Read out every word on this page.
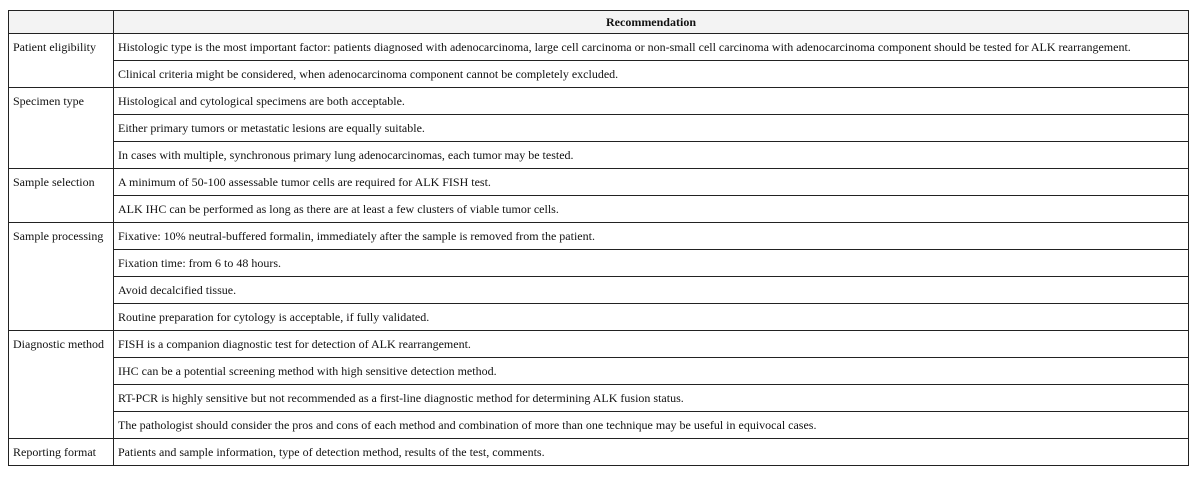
	Recommendation
Patient eligibility	Histologic type is the most important factor: patients diagnosed with adenocarcinoma, large cell carcinoma or non-small cell carcinoma with adenocarcinoma component should be tested for ALK rearrangement.
	Clinical criteria might be considered, when adenocarcinoma component cannot be completely excluded.
Specimen type	Histological and cytological specimens are both acceptable.
	Either primary tumors or metastatic lesions are equally suitable.
	In cases with multiple, synchronous primary lung adenocarcinomas, each tumor may be tested.
Sample selection	A minimum of 50-100 assessable tumor cells are required for ALK FISH test.
	ALK IHC can be performed as long as there are at least a few clusters of viable tumor cells.
Sample processing	Fixative: 10% neutral-buffered formalin, immediately after the sample is removed from the patient.
	Fixation time: from 6 to 48 hours.
	Avoid decalcified tissue.
	Routine preparation for cytology is acceptable, if fully validated.
Diagnostic method	FISH is a companion diagnostic test for detection of ALK rearrangement.
	IHC can be a potential screening method with high sensitive detection method.
	RT-PCR is highly sensitive but not recommended as a first-line diagnostic method for determining ALK fusion status.
	The pathologist should consider the pros and cons of each method and combination of more than one technique may be useful in equivocal cases.
Reporting format	Patients and sample information, type of detection method, results of the test, comments.
